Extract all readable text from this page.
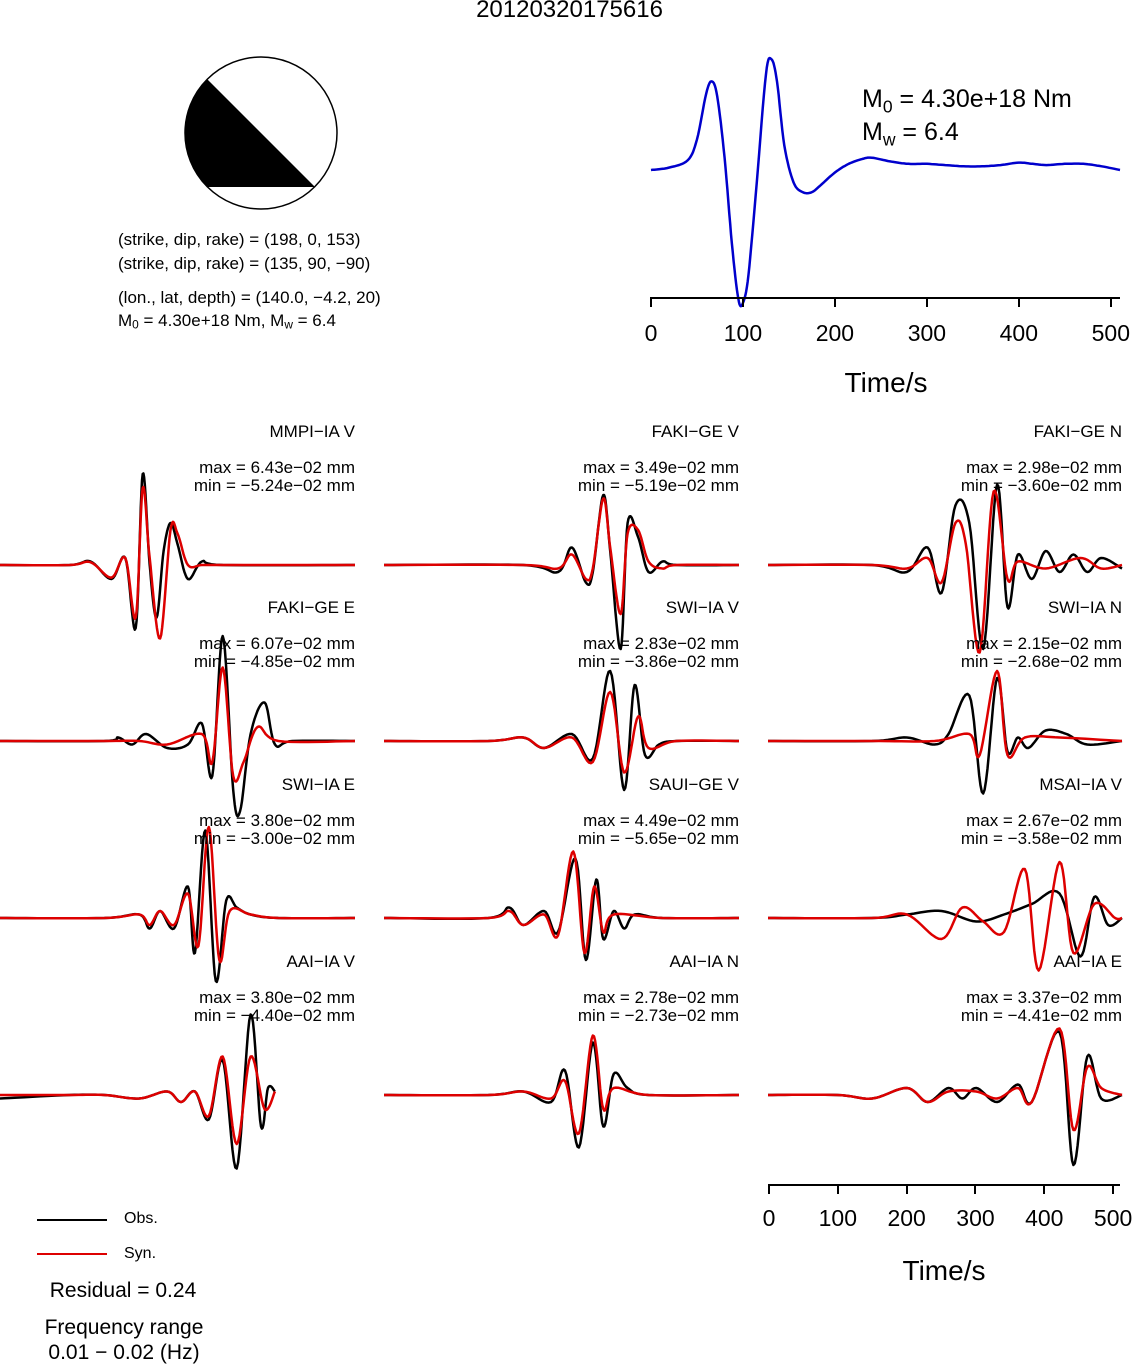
20120320175616
(strike, dip, rake) = (198, 0, 153)
(strike, dip, rake) = (135, 90, −90)
(lon., lat, depth) = (140.0, −4.2, 20)
$M_0 = 4.30e+18$ Nm, $M_w = 6.4$
$M_0 = 4.30e+18$ Nm
$M_w = 6.4$
0	100 200 300 400 500
Time/s
MMPI−IA V
max = 6.43e−02 mm
min = −5.24e−02 mm
FAKI−GE V
max = 3.49e−02 mm
min = −5.19e−02 mm
FAKI−GE N
max = 2.98e−02 mm
min = −3.60e−02 mm
FAKI−GE E
max = 6.07e−02 mm
min = −4.85e−02 mm
SWI−IA V
max = 2.83e−02 mm
min = −3.86e−02 mm
SWI−IA N
max = 2.15e−02 mm
min = −2.68e−02 mm
SWI−IA E
max = 3.80e−02 mm
min = −3.00e−02 mm
SAUI−GE V
max = 4.49e−02 mm
min = −5.65e−02 mm
MSAI−IA V
max = 2.67e−02 mm
min = −3.58e−02 mm
AAI−IA V
max = 3.80e−02 mm
min = −4.40e−02 mm
AAI−IA N
max = 2.78e−02 mm
min = −2.73e−02 mm
AAI−IA E
max = 3.37e−02 mm
min = −4.41e−02 mm
0 100 200 300 400 500
Time/s
Obs.
Syn.
Residual = 0.24
Frequency range
0.01 − 0.02 (Hz)
